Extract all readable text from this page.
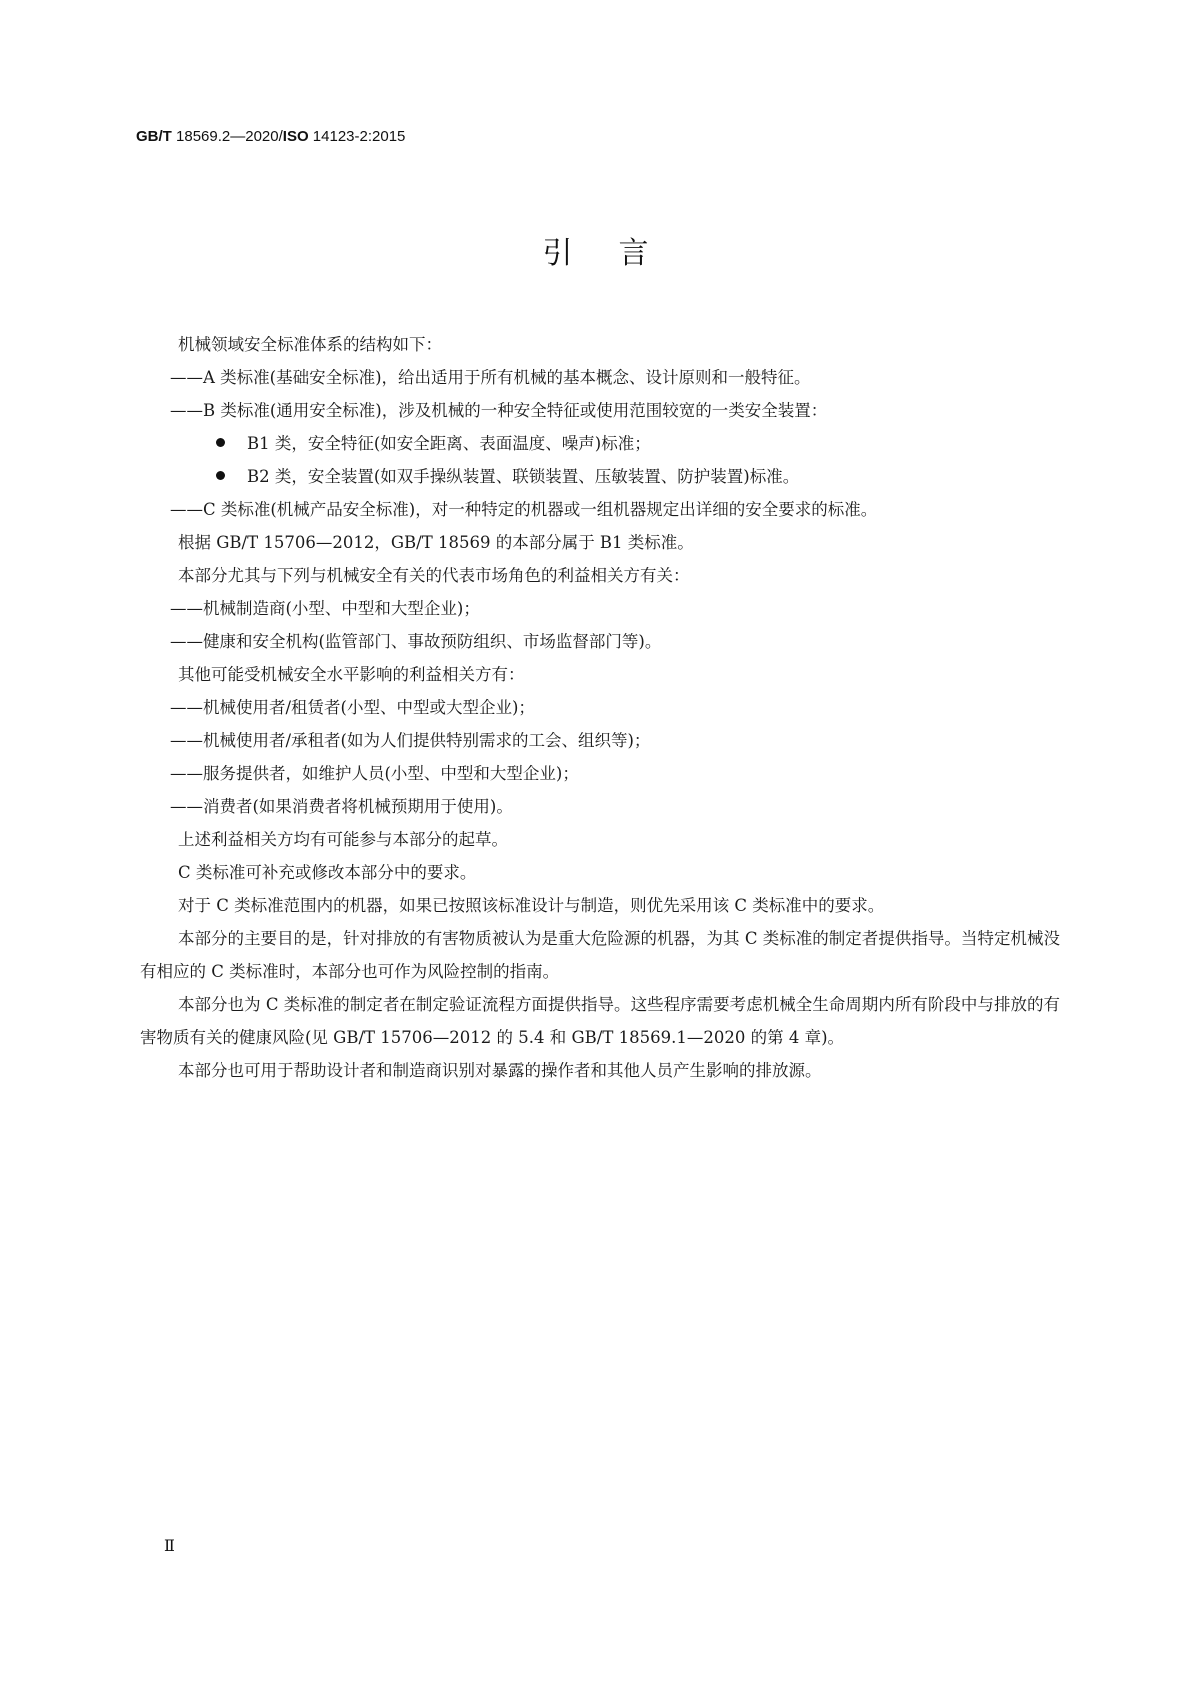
GB/T 18569.2—2020/ISO 14123-2:2015
引言
机械领域安全标准体系的结构如下：
——A 类标准(基础安全标准)，给出适用于所有机械的基本概念、设计原则和一般特征。
——B 类标准(通用安全标准)，涉及机械的一种安全特征或使用范围较宽的一类安全装置：
B1 类，安全特征(如安全距离、表面温度、噪声)标准；
B2 类，安全装置(如双手操纵装置、联锁装置、压敏装置、防护装置)标准。
——C 类标准(机械产品安全标准)，对一种特定的机器或一组机器规定出详细的安全要求的标准。
根据 GB/T 15706—2012，GB/T 18569 的本部分属于 B1 类标准。
本部分尤其与下列与机械安全有关的代表市场角色的利益相关方有关：
——机械制造商(小型、中型和大型企业)；
——健康和安全机构(监管部门、事故预防组织、市场监督部门等)。
其他可能受机械安全水平影响的利益相关方有：
——机械使用者/租赁者(小型、中型或大型企业)；
——机械使用者/承租者(如为人们提供特别需求的工会、组织等)；
——服务提供者，如维护人员(小型、中型和大型企业)；
——消费者(如果消费者将机械预期用于使用)。
上述利益相关方均有可能参与本部分的起草。
C 类标准可补充或修改本部分中的要求。
对于 C 类标准范围内的机器，如果已按照该标准设计与制造，则优先采用该 C 类标准中的要求。
本部分的主要目的是，针对排放的有害物质被认为是重大危险源的机器，为其 C 类标准的制定者提供指导。当特定机械没有相应的 C 类标准时，本部分也可作为风险控制的指南。
本部分也为 C 类标准的制定者在制定验证流程方面提供指导。这些程序需要考虑机械全生命周期内所有阶段中与排放的有害物质有关的健康风险(见 GB/T 15706—2012 的 5.4 和 GB/T 18569.1—2020 的第 4 章)。
本部分也可用于帮助设计者和制造商识别对暴露的操作者和其他人员产生影响的排放源。
Ⅱ
